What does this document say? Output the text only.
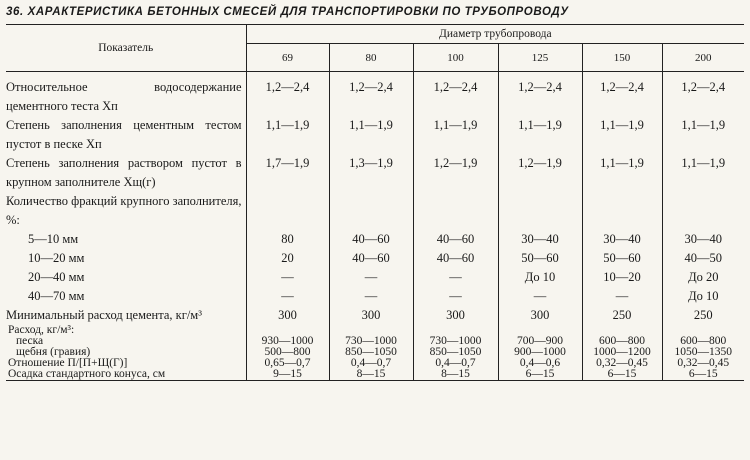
36. ХАРАКТЕРИСТИКА БЕТОННЫХ СМЕСЕЙ ДЛЯ ТРАНСПОРТИРОВКИ ПО ТРУБОПРОВОДУ
Показатель	Диаметр трубопровода					
	69	80	100	125	150	200
Относительное водосодержание цементного теста Xп	1,2—2,4	1,2—2,4	1,2—2,4	1,2—2,4	1,2—2,4	1,2—2,4
Степень заполнения цементным тестом пустот в песке Xп	1,1—1,9	1,1—1,9	1,1—1,9	1,1—1,9	1,1—1,9	1,1—1,9
Степень заполнения раствором пустот в крупном заполнителе Xщ(г)	1,7—1,9	1,3—1,9	1,2—1,9	1,2—1,9	1,1—1,9	1,1—1,9
Количество фракций крупного заполнителя, %:						
5—10 мм	80	40—60	40—60	30—40	30—40	30—40
10—20 мм	20	40—60	40—60	50—60	50—60	40—50
20—40 мм	—	—	—	До 10	10—20	До 20
40—70 мм	—	—	—	—	—	До 10
Минимальный расход цемента, кг/м³	300	300	300	300	250	250
Расход, кг/м³:						
песка	930—1000	730—1000	730—1000	700—900	600—800	600—800
щебня (гравия)	500—800	850—1050	850—1050	900—1000	1000—1200	1050—1350
Отношение П/[П+Щ(Г)]	0,65—0,7	0,4—0,7	0,4—0,7	0,4—0,6	0,32—0,45	0,32—0,45
Осадка стандартного конуса, см	9—15	8—15	8—15	6—15	6—15	6—15
